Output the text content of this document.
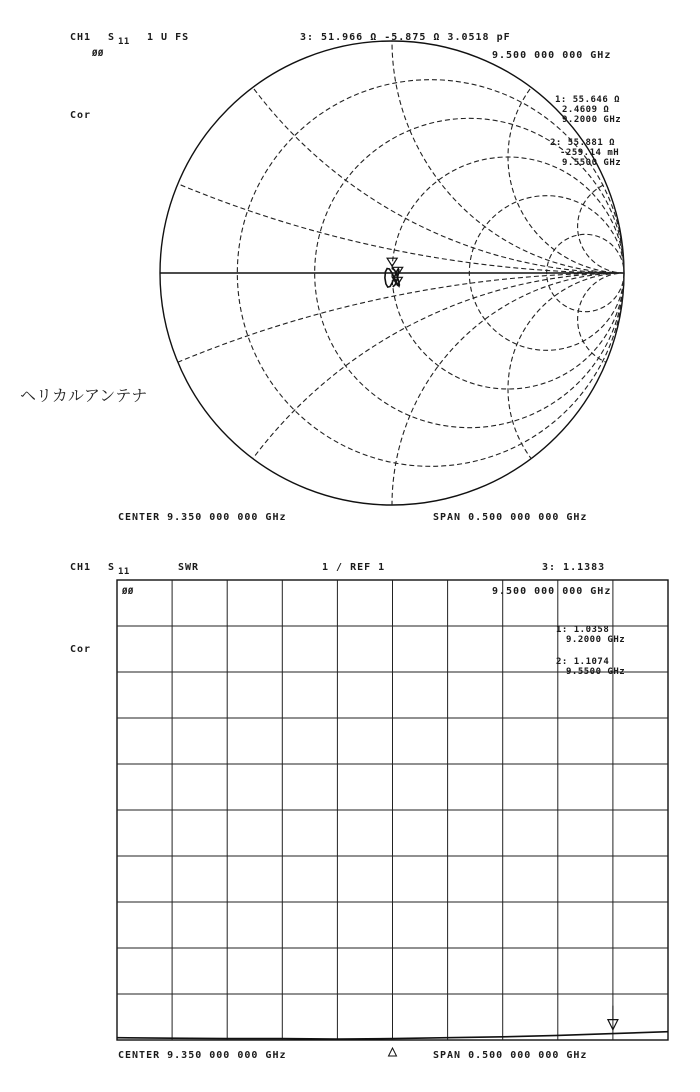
CH1 S 11 1 U FS	3: 51.966 Ω -5.875 Ω 3.0518 pF
9.500 000 000 GHz
ØØ
Cor
1: 55.646 Ω
2.4609 Ω
9.2000 GHz
2: 55.881 Ω
-259.14 mH
9.5500 GHz
ヘリカルアンテナ
CENTER 9.350 000 000 GHz	SPAN 0.500 000 000 GHz
CH1 S 11	SWR	1 / REF 1	3: 1.1383
9.500 000 000 GHz
ØØ
Cor
1: 1.0358
9.2000 GHz
2: 1.1074
9.5500 GHz
CENTER 9.350 000 000 GHz	SPAN 0.500 000 000 GHz
